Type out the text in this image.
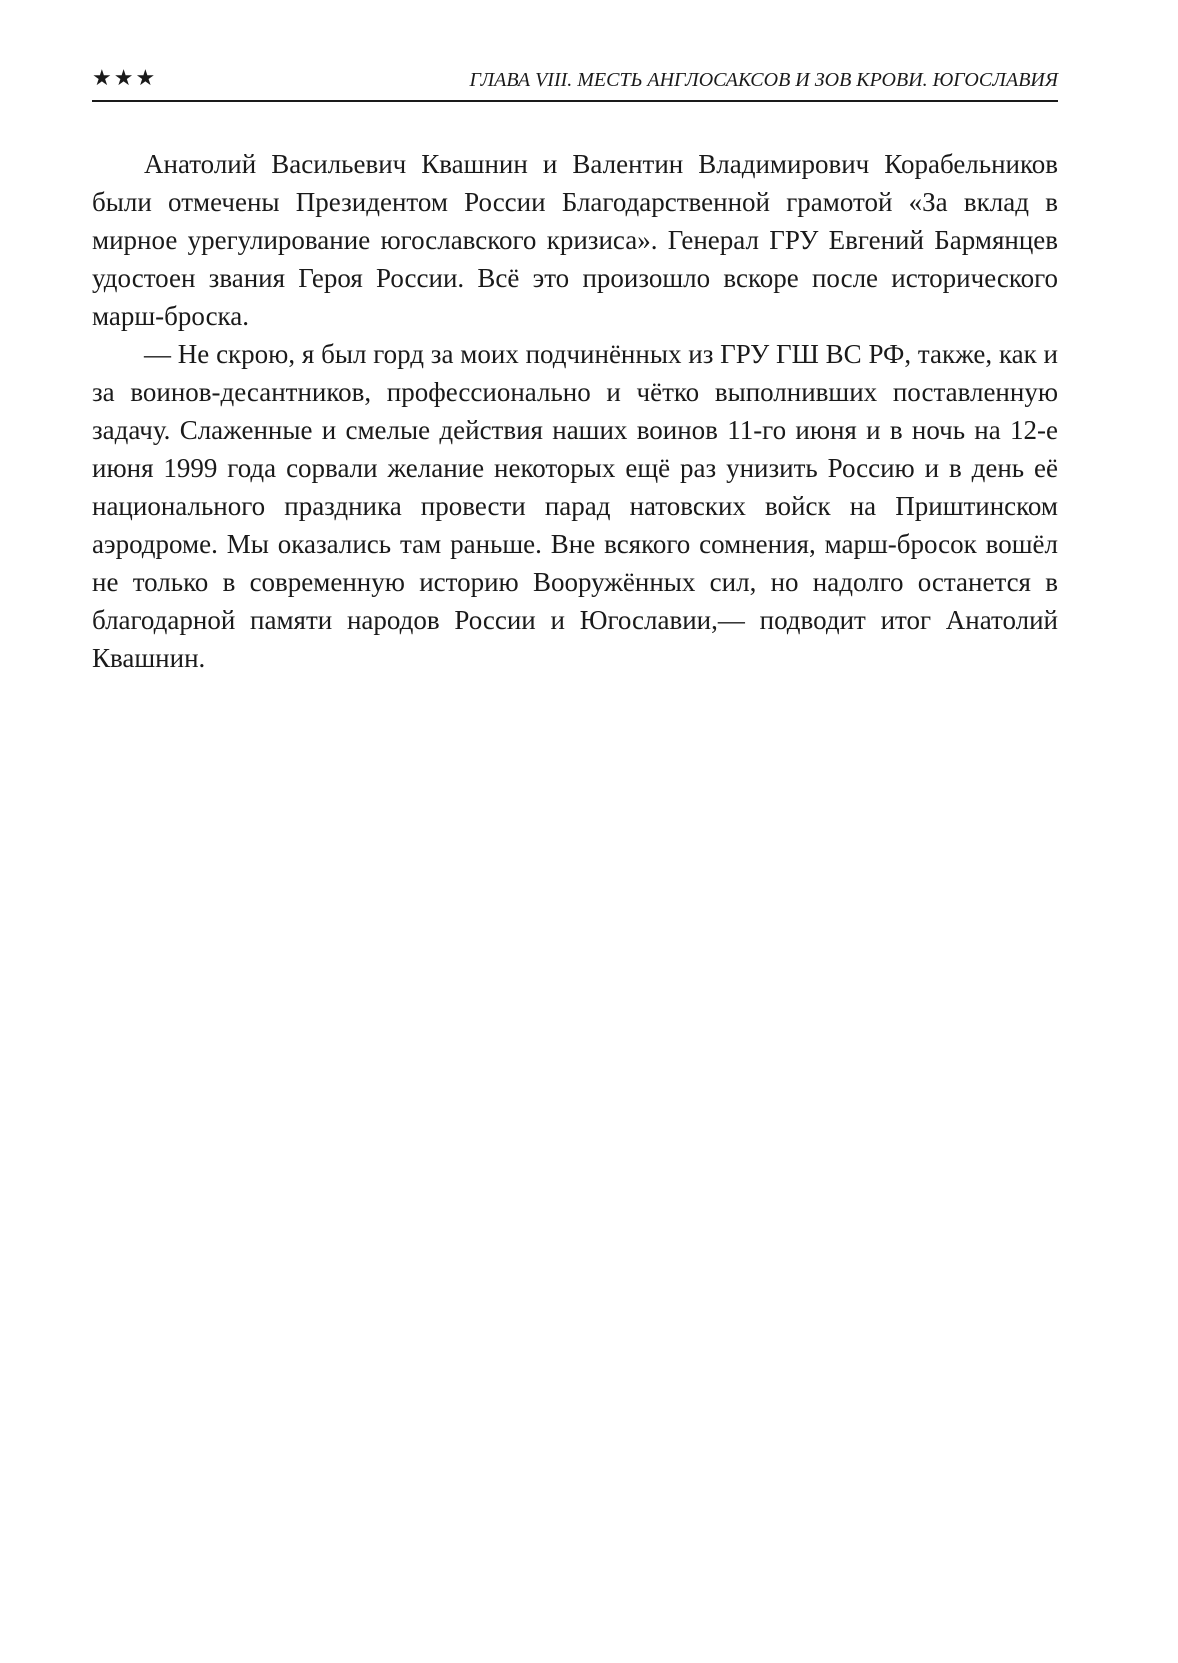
★★★	ГЛАВА VIII. МЕСТЬ АНГЛОСАКСОВ И ЗОВ КРОВИ. ЮГОСЛАВИЯ

Анатолий Васильевич Квашнин и Валентин Владимирович Корабельников были отмечены Президентом России Благодарственной грамотой «За вклад в мирное урегулирование югославского кризиса». Генерал ГРУ Евгений Бармянцев удостоен звания Героя России. Всё это произошло вскоре после исторического марш-броска.

— Не скрою, я был горд за моих подчинённых из ГРУ ГШ ВС РФ, также, как и за воинов-десантников, профессионально и чётко выполнивших поставленную задачу. Слаженные и смелые действия наших воинов 11-го июня и в ночь на 12-е июня 1999 года сорвали желание некоторых ещё раз унизить Россию и в день её национального праздника провести парад натовских войск на Приштинском аэродроме. Мы оказались там раньше. Вне всякого сомнения, марш-бросок вошёл не только в современную историю Вооружённых сил, но надолго останется в благодарной памяти народов России и Югославии,— подводит итог Анатолий Квашнин.
